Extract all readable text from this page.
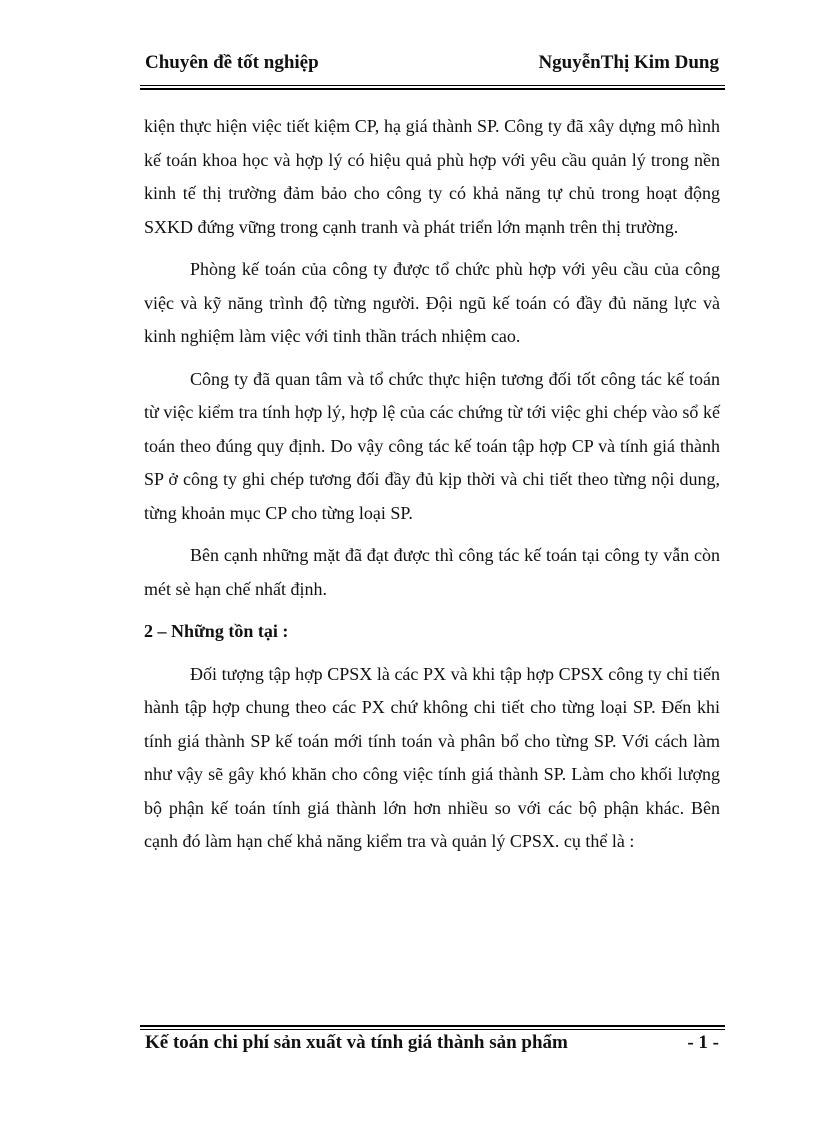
Chuyên đề tốt nghiệp	NguyễnThị Kim Dung

kiện thực hiện việc tiết kiệm CP, hạ giá thành SP. Công ty đã xây dựng mô hình kế toán khoa học và hợp lý có hiệu quả phù hợp với yêu cầu quản lý trong nền kinh tế thị trường đảm bảo cho công ty có khả năng tự chủ trong hoạt động SXKD đứng vững trong cạnh tranh và phát triển lớn mạnh trên thị trường.

Phòng kế toán của công ty được tổ chức phù hợp với yêu cầu của công việc và kỹ năng trình độ từng người. Đội ngũ kế toán có đầy đủ năng lực và kinh nghiệm làm việc với tinh thần trách nhiệm cao.

Công ty đã quan tâm và tổ chức thực hiện tương đối tốt công tác kế toán từ việc kiểm tra tính hợp lý, hợp lệ của các chứng từ tới việc ghi chép vào sổ kế toán theo đúng quy định. Do vậy công tác kế toán tập hợp CP và tính giá thành SP ở công ty ghi chép tương đối đầy đủ kịp thời và chi tiết theo từng nội dung, từng khoản mục CP cho từng loại SP.

Bên cạnh những mặt đã đạt được thì công tác kế toán tại công ty vẫn còn mét sè hạn chế nhất định.

2 – Những tồn tại :

Đối tượng tập hợp CPSX là các PX và khi tập hợp CPSX công ty chỉ tiến hành tập hợp chung theo các PX chứ không chi tiết cho từng loại SP. Đến khi tính giá thành SP kế toán mới tính toán và phân bổ cho từng SP. Với cách làm như vậy sẽ gây khó khăn cho công việc tính giá thành SP. Làm cho khối lượng bộ phận kế toán tính giá thành lớn hơn nhiều so với các bộ phận khác. Bên cạnh đó làm hạn chế khả năng kiểm tra và quản lý CPSX. cụ thể là :

Kế toán chi phí sản xuất và tính giá thành sản phẩm	- 1 -
